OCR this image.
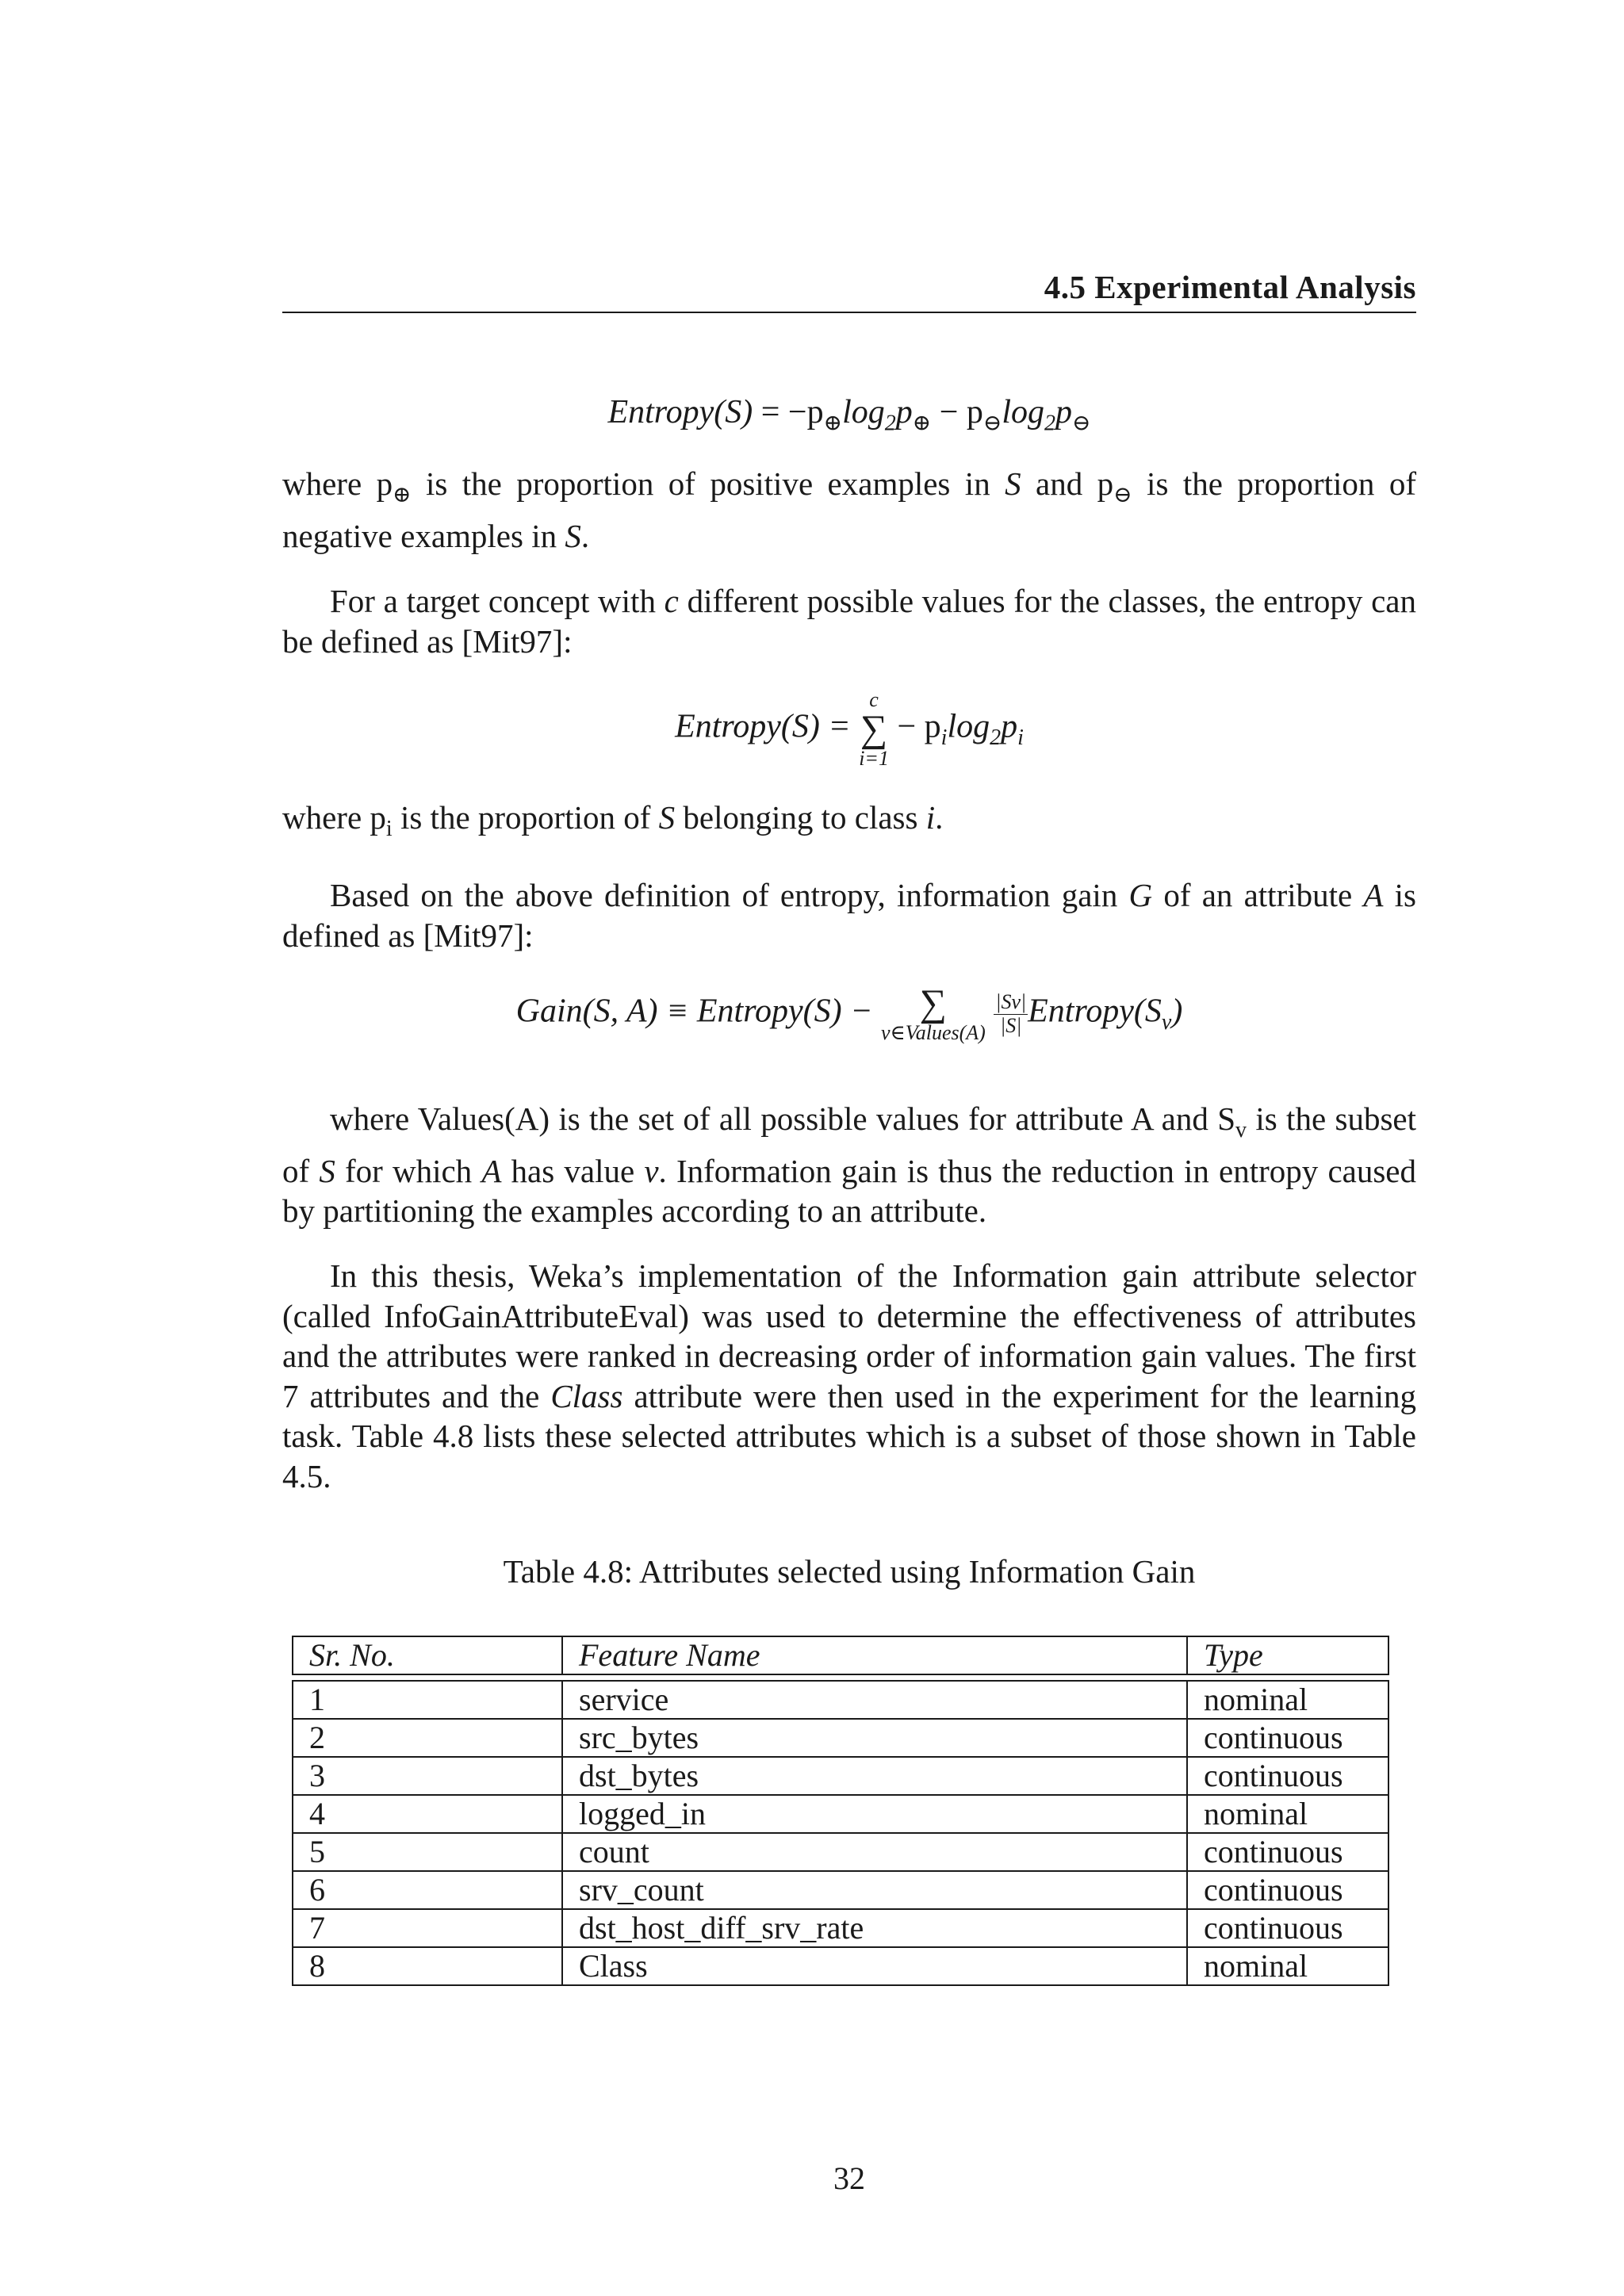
4.5 Experimental Analysis
Entropy(S) = $-p_\oplus\log_2p_\oplus - p_⊖\log_2p_⊖$

where $p_\oplus$ is the proportion of positive examples in S and $p_⊖$ is the proportion of negative examples in S.

For a target concept with c different possible values for the classes, the entropy can be defined as [Mit97]:

Entropy(S) =
c
∑
i=1
− $p_i\log_2p_i$

where $p_i$ is the proportion of S belonging to class i.

Based on the above definition of entropy, information gain G of an attribute A is defined as [Mit97]:

Gain(S, A) ≡ Entropy(S) −	∑
v∈Values(A)
$\frac{|Sv|}{|S|}$ $Entropy(S_v)$

where Values(A) is the set of all possible values for attribute A and $S_v$ is the subset of S for which A has value v. Information gain is thus the reduction in entropy caused by partitioning the examples according to an attribute.

In this thesis, Weka’s implementation of the Information gain attribute selector (called InfoGainAttributeEval) was used to determine the effectiveness of attributes and the attributes were ranked in decreasing order of information gain values. The first 7 attributes and the Class attribute were then used in the experiment for the learning task. Table 4.8 lists these selected attributes which is a subset of those shown in Table 4.5.

Table 4.8: Attributes selected using Information Gain
Sr. No.	Feature Name	Type

1	service	nominal
2	src_bytes	continuous
3	dst_bytes	continuous
4	logged_in	nominal
5	count	continuous
6	srv_count	continuous
7	dst_host_diff_srv_rate	continuous
8	Class	nominal
32
